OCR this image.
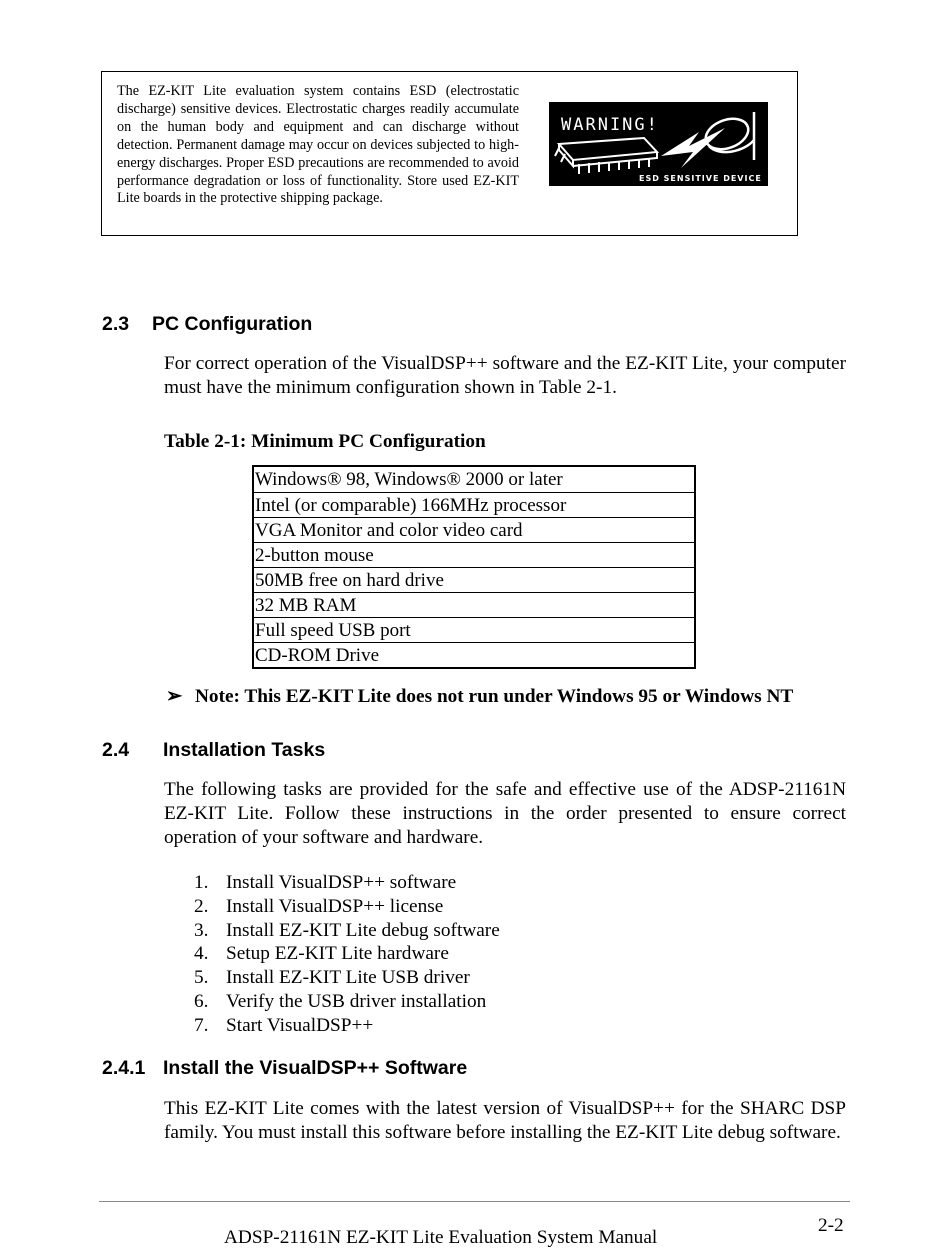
The EZ-KIT Lite evaluation system contains ESD (electrostatic discharge) sensitive devices. Electrostatic charges readily accumulate on the human body and equipment and can discharge without detection. Permanent damage may occur on devices subjected to high-energy discharges. Proper ESD precautions are recommended to avoid performance degradation or loss of functionality. Store used EZ-KIT Lite boards in the protective shipping package.
WARNING!
ESD SENSITIVE DEVICE
2.3 PC Configuration
For correct operation of the VisualDSP++ software and the EZ-KIT Lite, your computer must have the minimum configuration shown in Table 2-1.
Table 2-1: Minimum PC Configuration
Windows® 98, Windows® 2000 or later
Intel (or comparable) 166MHz processor
VGA Monitor and color video card
2-button mouse
50MB free on hard drive
32 MB RAM
Full speed USB port
CD-ROM Drive
➢ Note: This EZ-KIT Lite does not run under Windows 95 or Windows NT
2.4 Installation Tasks
The following tasks are provided for the safe and effective use of the ADSP-21161N EZ-KIT Lite. Follow these instructions in the order presented to ensure correct operation of your software and hardware.
1. Install VisualDSP++ software
2. Install VisualDSP++ license
3. Install EZ-KIT Lite debug software
4. Setup EZ-KIT Lite hardware
5. Install EZ-KIT Lite USB driver
6. Verify the USB driver installation
7. Start VisualDSP++
2.4.1 Install the VisualDSP++ Software
This EZ-KIT Lite comes with the latest version of VisualDSP++ for the SHARC DSP family. You must install this software before installing the EZ-KIT Lite debug software.
ADSP-21161N EZ-KIT Lite Evaluation System Manual
2-2
